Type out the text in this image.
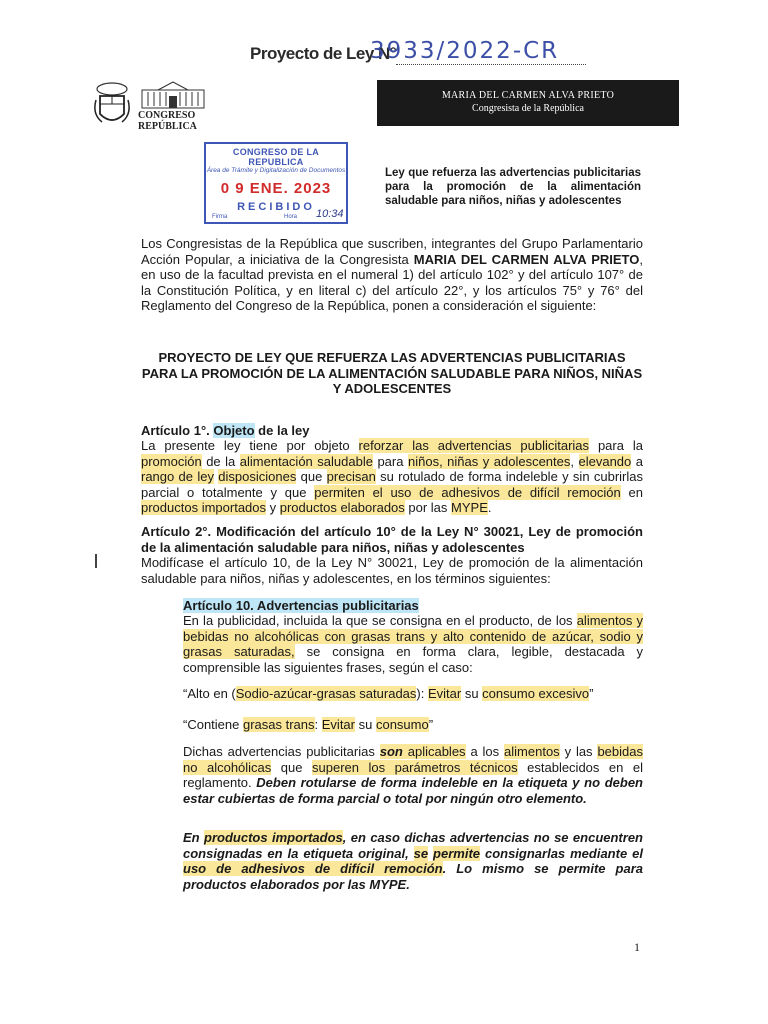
Proyecto de Ley N°
3933/2022-CR
CONGRESO
REPÚBLICA
MARIA DEL CARMEN ALVA PRIETO
Congresista de la República
CONGRESO DE LA REPUBLICA
Área de Trámite y Digitalización de Documentos
0 9 ENE. 2023
RECIBIDO
Firma	Hora 10:34
Ley que refuerza las advertencias publicitarias para la promoción de la alimentación saludable para niños, niñas y adolescentes
Los Congresistas de la República que suscriben, integrantes del Grupo Parlamentario Acción Popular, a iniciativa de la Congresista MARIA DEL CARMEN ALVA PRIETO, en uso de la facultad prevista en el numeral 1) del artículo 102° y del artículo 107° de la Constitución Política, y en literal c) del artículo 22°, y los artículos 75° y 76° del Reglamento del Congreso de la República, ponen a consideración el siguiente:
PROYECTO DE LEY QUE REFUERZA LAS ADVERTENCIAS PUBLICITARIAS PARA LA PROMOCIÓN DE LA ALIMENTACIÓN SALUDABLE PARA NIÑOS, NIÑAS Y ADOLESCENTES
Artículo 1°. Objeto de la ley
La presente ley tiene por objeto reforzar las advertencias publicitarias para la promoción de la alimentación saludable para niños, niñas y adolescentes, elevando a rango de ley disposiciones que precisan su rotulado de forma indeleble y sin cubrirlas parcial o totalmente y que permiten el uso de adhesivos de difícil remoción en productos importados y productos elaborados por las MYPE.
Artículo 2°. Modificación del artículo 10° de la Ley N° 30021, Ley de promoción de la alimentación saludable para niños, niñas y adolescentes
Modifícase el artículo 10, de la Ley N° 30021, Ley de promoción de la alimentación saludable para niños, niñas y adolescentes, en los términos siguientes:
Artículo 10. Advertencias publicitarias
En la publicidad, incluida la que se consigna en el producto, de los alimentos y bebidas no alcohólicas con grasas trans y alto contenido de azúcar, sodio y grasas saturadas, se consigna en forma clara, legible, destacada y comprensible las siguientes frases, según el caso:
“Alto en (Sodio-azúcar-grasas saturadas): Evitar su consumo excesivo”
“Contiene grasas trans: Evitar su consumo”
Dichas advertencias publicitarias son aplicables a los alimentos y las bebidas no alcohólicas que superen los parámetros técnicos establecidos en el reglamento. Deben rotularse de forma indeleble en la etiqueta y no deben estar cubiertas de forma parcial o total por ningún otro elemento.
En productos importados, en caso dichas advertencias no se encuentren consignadas en la etiqueta original, se permite consignarlas mediante el uso de adhesivos de difícil remoción. Lo mismo se permite para productos elaborados por las MYPE.
1
